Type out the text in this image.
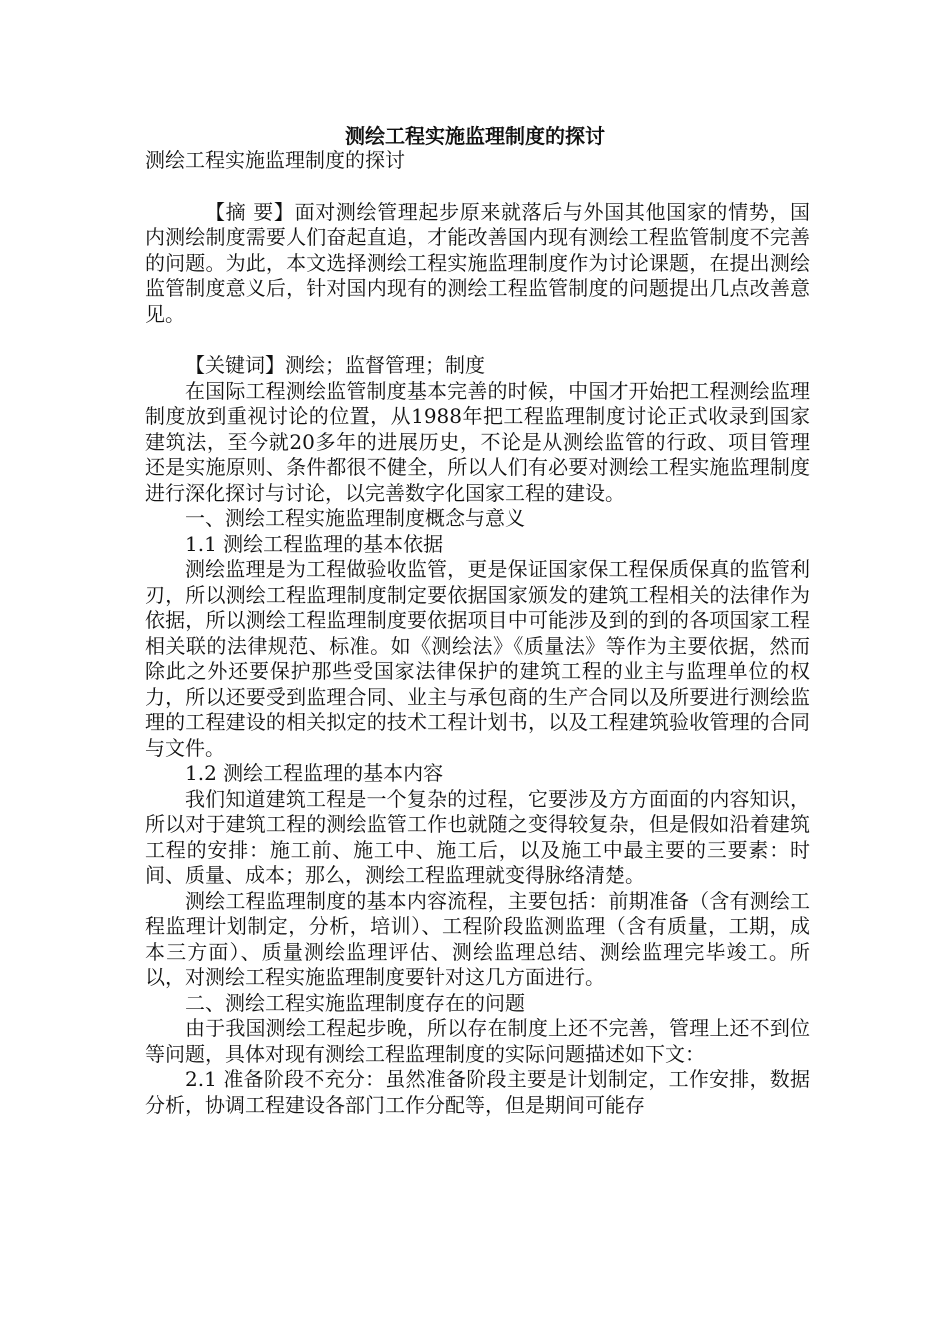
测绘工程实施监理制度的探讨

测绘工程实施监理制度的探讨

【摘 要】面对测绘管理起步原来就落后与外国其他国家的情势，国内测绘制度需要人们奋起直追，才能改善国内现有测绘工程监管制度不完善的问题。为此，本文选择测绘工程实施监理制度作为讨论课题，在提出测绘监管制度意义后，针对国内现有的测绘工程监管制度的问题提出几点改善意见。

【关键词】测绘；监督管理；制度

在国际工程测绘监管制度基本完善的时候，中国才开始把工程测绘监理制度放到重视讨论的位置，从1988年把工程监理制度讨论正式收录到国家建筑法，至今就20多年的进展历史，不论是从测绘监管的行政、项目管理还是实施原则、条件都很不健全，所以人们有必要对测绘工程实施监理制度进行深化探讨与讨论，以完善数字化国家工程的建设。

一、测绘工程实施监理制度概念与意义

1.1 测绘工程监理的基本依据

测绘监理是为工程做验收监管，更是保证国家保工程保质保真的监管利刃，所以测绘工程监理制度制定要依据国家颁发的建筑工程相关的法律作为依据，所以测绘工程监理制度要依据项目中可能涉及到的到的各项国家工程相关联的法律规范、标准。如《测绘法》《质量法》等作为主要依据，然而除此之外还要保护那些受国家法律保护的建筑工程的业主与监理单位的权力，所以还要受到监理合同、业主与承包商的生产合同以及所要进行测绘监理的工程建设的相关拟定的技术工程计划书，以及工程建筑验收管理的合同与文件。

1.2 测绘工程监理的基本内容

我们知道建筑工程是一个复杂的过程，它要涉及方方面面的内容知识，所以对于建筑工程的测绘监管工作也就随之变得较复杂，但是假如沿着建筑工程的安排：施工前、施工中、施工后，以及施工中最主要的三要素：时间、质量、成本；那么，测绘工程监理就变得脉络清楚。

测绘工程监理制度的基本内容流程，主要包括：前期准备（含有测绘工程监理计划制定，分析，培训）、工程阶段监测监理（含有质量，工期，成本三方面）、质量测绘监理评估、测绘监理总结、测绘监理完毕竣工。所以，对测绘工程实施监理制度要针对这几方面进行。

二、测绘工程实施监理制度存在的问题

由于我国测绘工程起步晚，所以存在制度上还不完善，管理上还不到位等问题，具体对现有测绘工程监理制度的实际问题描述如下文：

2.1 准备阶段不充分：虽然准备阶段主要是计划制定，工作安排，数据分析，协调工程建设各部门工作分配等，但是期间可能存
